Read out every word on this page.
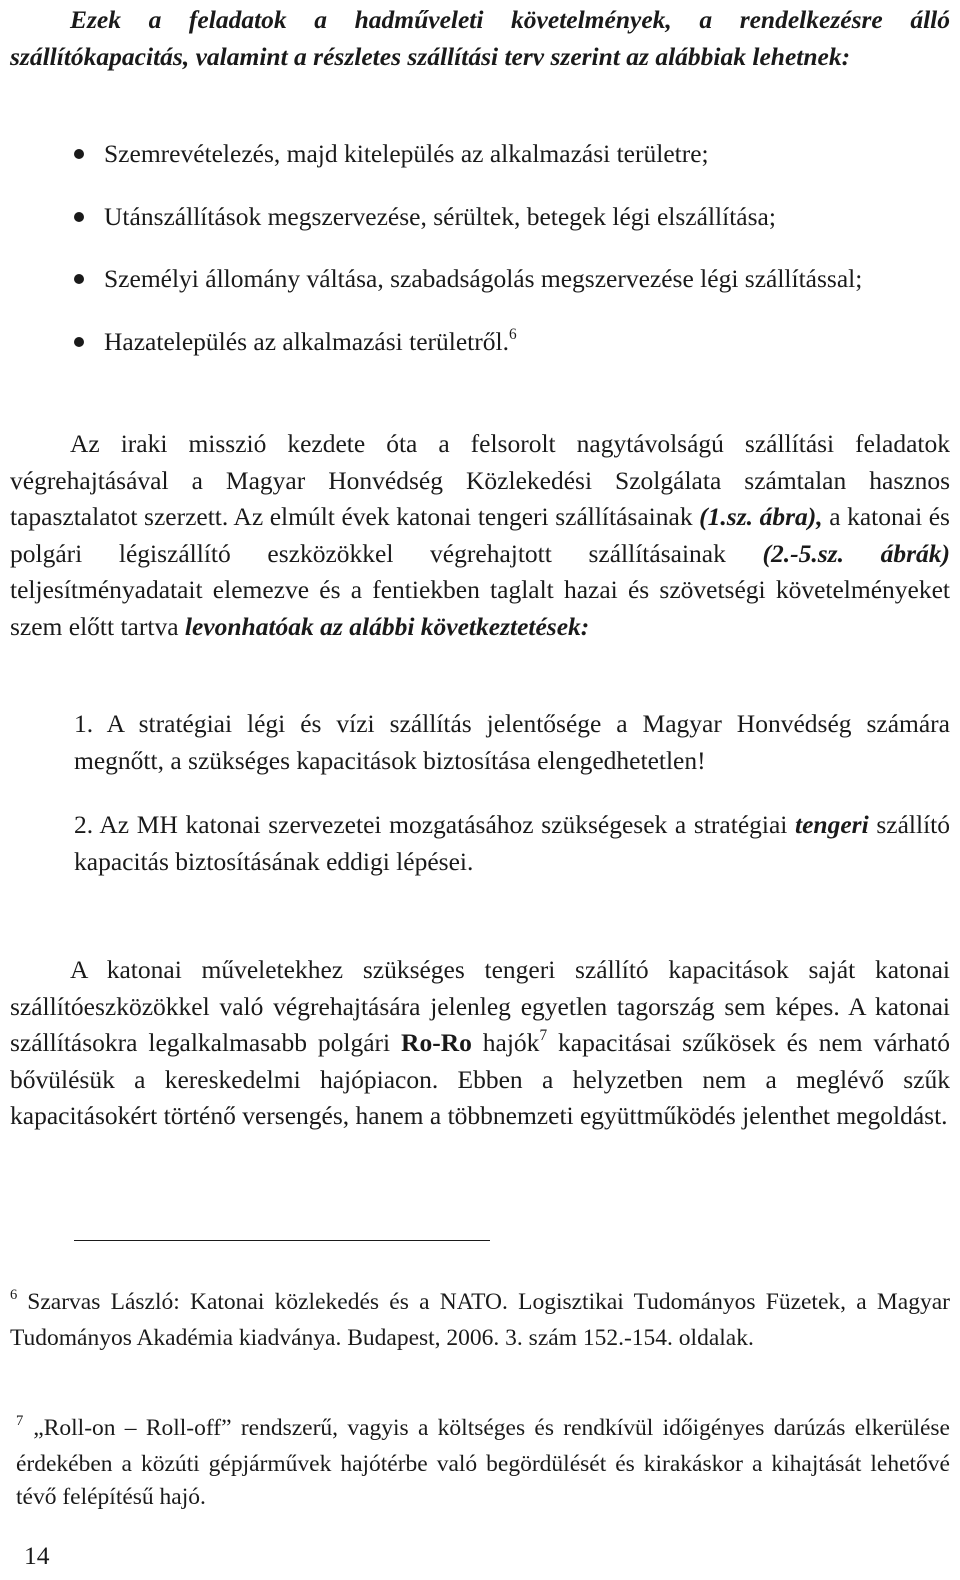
Ezek a feladatok a hadműveleti követelmények, a rendelkezésre álló szállítókapacitás, valamint a részletes szállítási terv szerint az alábbiak lehetnek:

Szemrevételezés, majd kitelepülés az alkalmazási területre;
Utánszállítások megszervezése, sérültek, betegek légi elszállítása;
Személyi állomány váltása, szabadságolás megszervezése légi szállítással;
Hazatelepülés az alkalmazási területről.$^6$

Az iraki misszió kezdete óta a felsorolt nagytávolságú szállítási feladatok végrehajtásával a Magyar Honvédség Közlekedési Szolgálata számtalan hasznos tapasztalatot szerzett. Az elmúlt évek katonai tengeri szállításainak (1.sz. ábra), a katonai és polgári légiszállító eszközökkel végrehajtott szállításainak (2.-5.sz. ábrák) teljesítményadatait elemezve és a fentiekben taglalt hazai és szövetségi követelményeket szem előtt tartva levonhatóak az alábbi következtetések:

1. A stratégiai légi és vízi szállítás jelentősége a Magyar Honvédség számára megnőtt, a szükséges kapacitások biztosítása elengedhetetlen!
2. Az MH katonai szervezetei mozgatásához szükségesek a stratégiai tengeri szállító kapacitás biztosításának eddigi lépései.

A katonai műveletekhez szükséges tengeri szállító kapacitások saját katonai szállítóeszközökkel való végrehajtására jelenleg egyetlen tagország sem képes. A katonai szállításokra legalkalmasabb polgári Ro-Ro hajók$^7$ kapacitásai szűkösek és nem várható bővülésük a kereskedelmi hajópiacon. Ebben a helyzetben nem a meglévő szűk kapacitásokért történő versengés, hanem a többnemzeti együttműködés jelenthet megoldást.

$^6$ Szarvas László: Katonai közlekedés és a NATO. Logisztikai Tudományos Füzetek, a Magyar Tudományos Akadémia kiadványa. Budapest, 2006. 3. szám 152.-154. oldalak.

$^7$ „Roll-on – Roll-off” rendszerű, vagyis a költséges és rendkívül időigényes darúzás elkerülése érdekében a közúti gépjárművek hajótérbe való begördülését és kirakáskor a kihajtását lehetővé tévő felépítésű hajó.

14
